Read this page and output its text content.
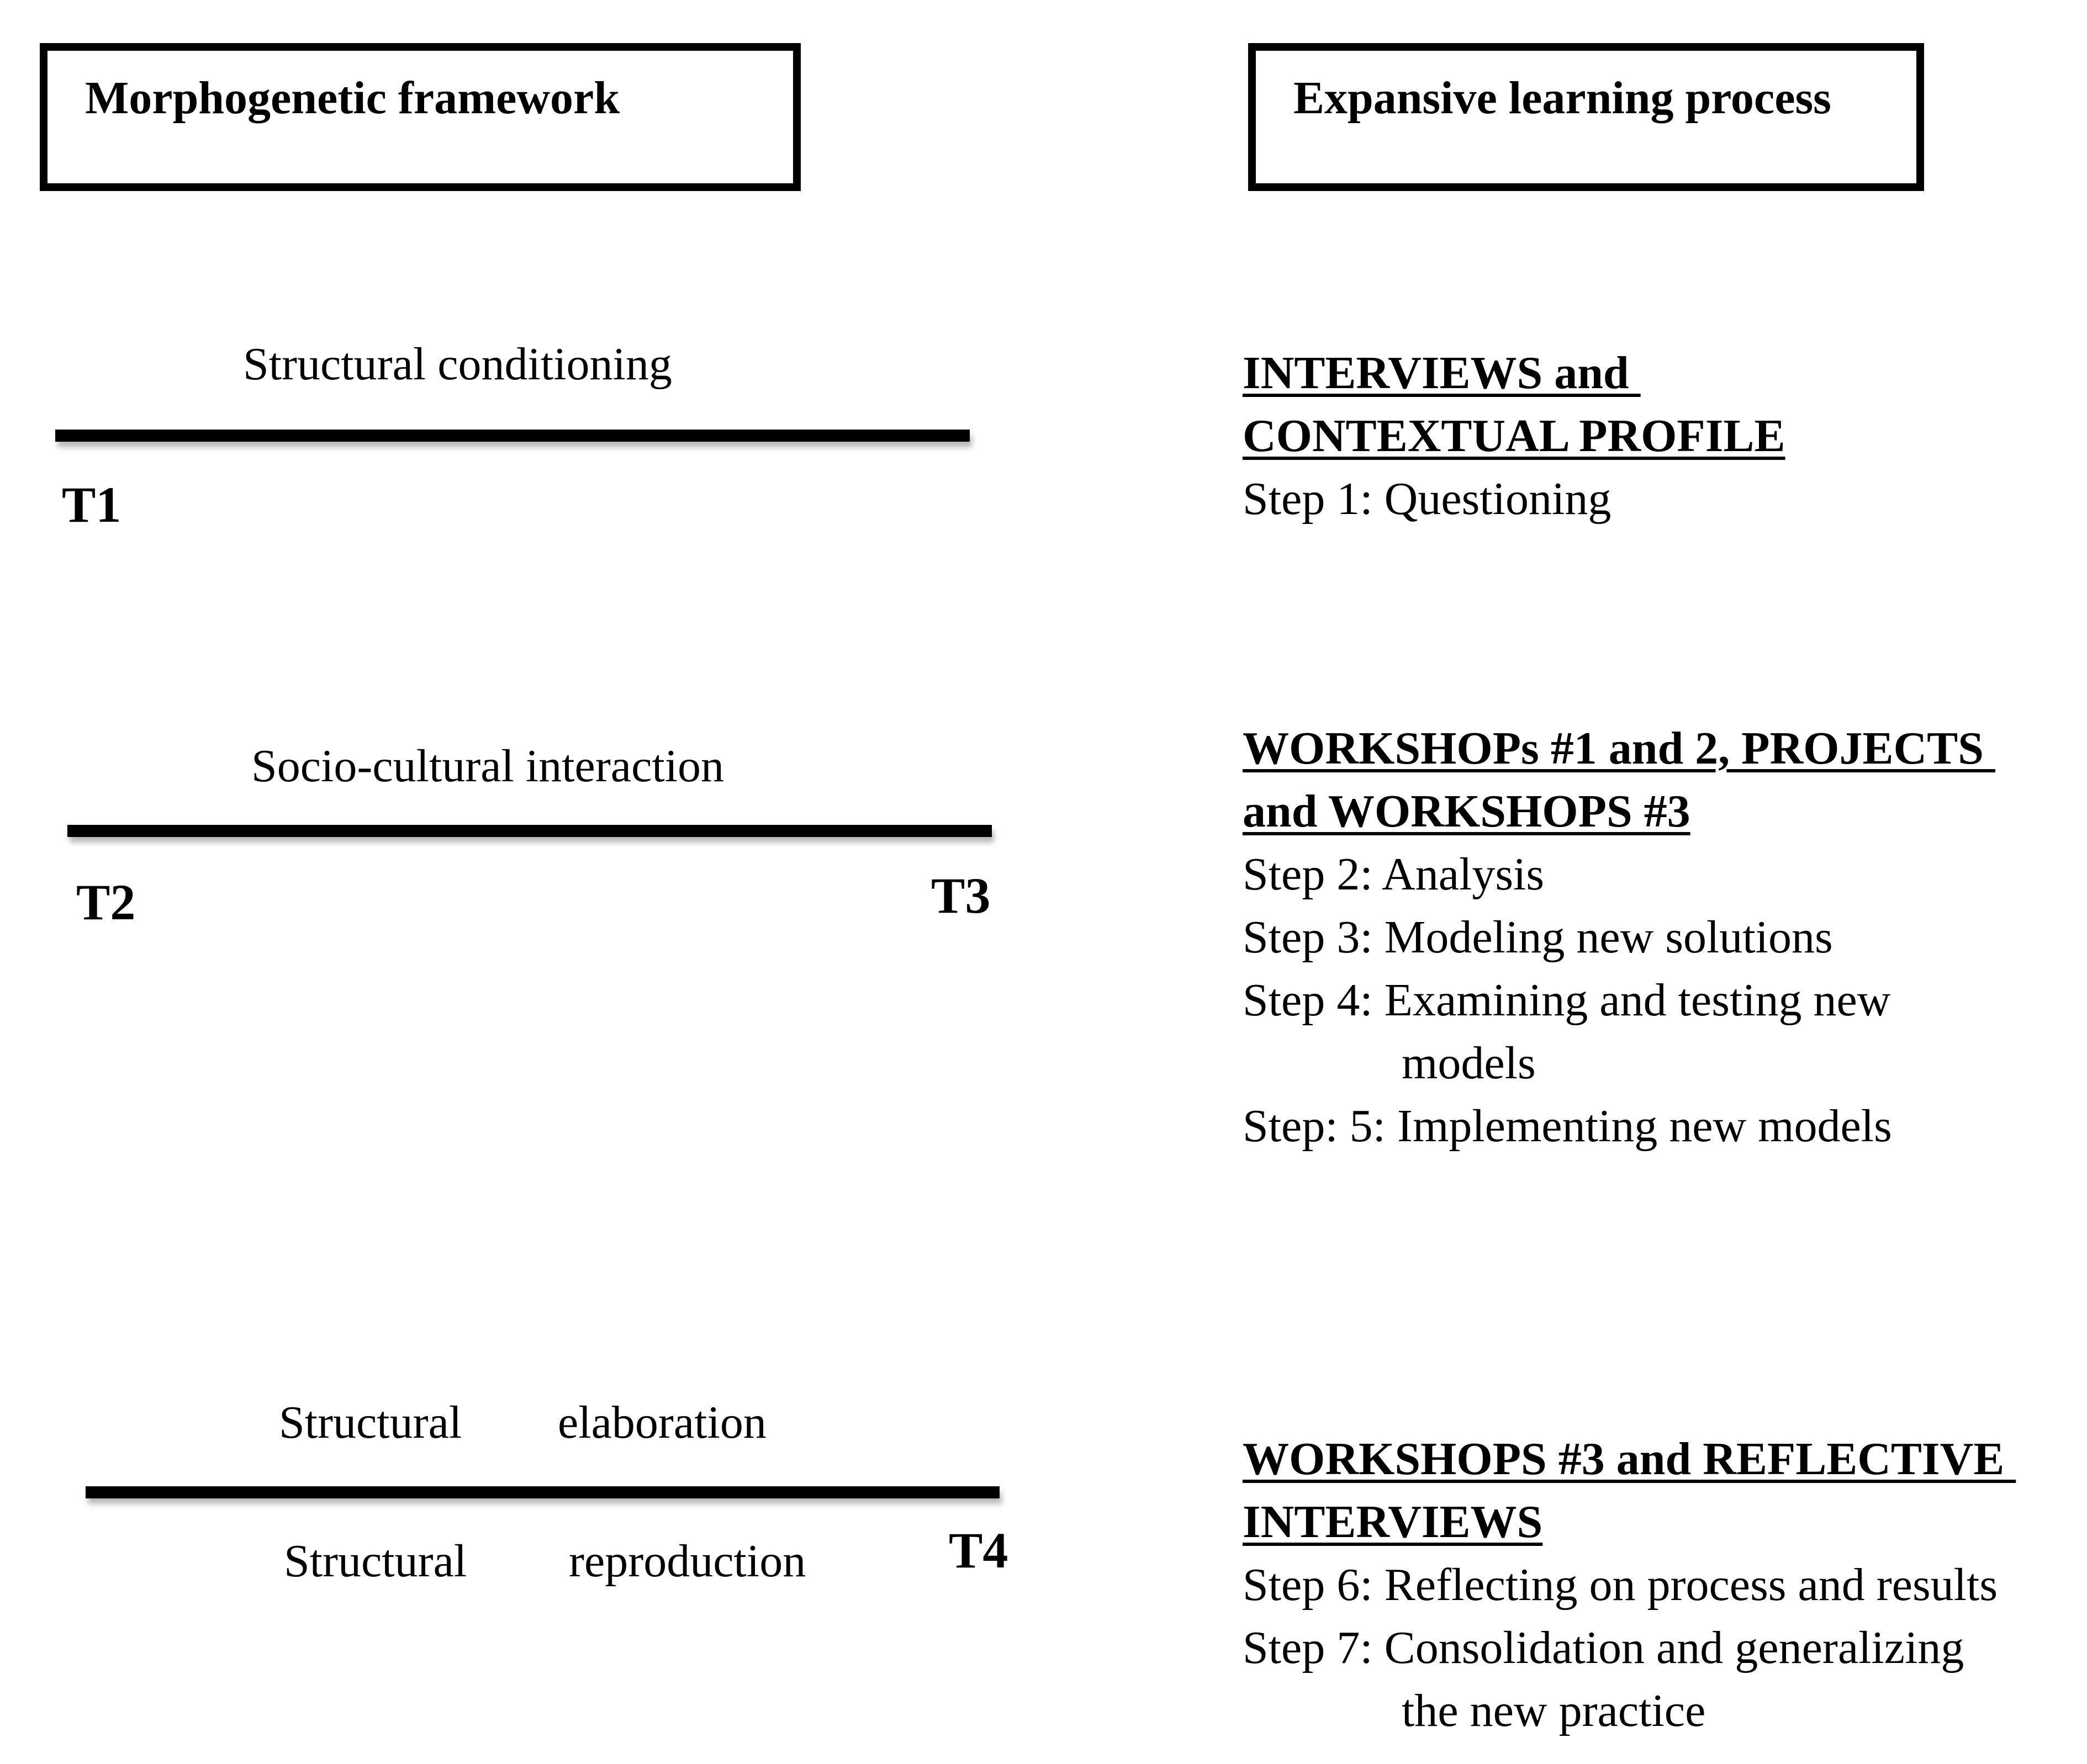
Morphogenetic framework	Expansive learning process
Structural conditioning
T1
Socio-cultural interaction
T2	T3
Structural elaboration
Structural reproduction	T4
INTERVIEWS and
CONTEXTUAL PROFILE
Step 1: Questioning
WORKSHOPs #1 and 2, PROJECTS
and WORKSHOPS #3
Step 2: Analysis
Step 3: Modeling new solutions
Step 4: Examining and testing new
models
Step: 5: Implementing new models
WORKSHOPS #3 and REFLECTIVE
INTERVIEWS
Step 6: Reflecting on process and results
Step 7: Consolidation and generalizing
the new practice
